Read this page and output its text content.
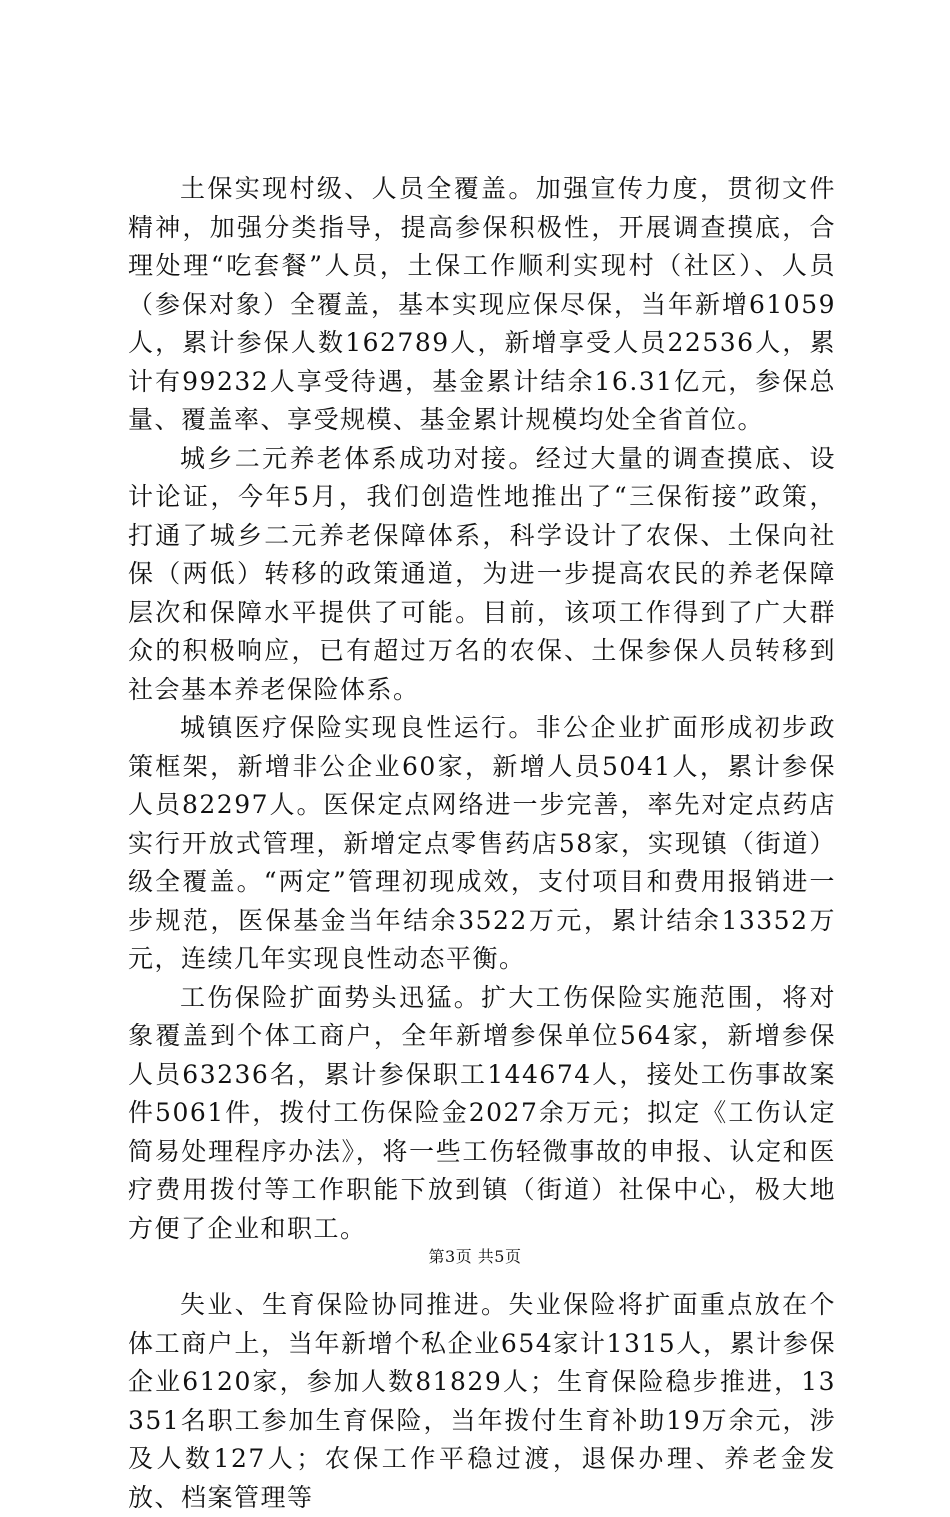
土保实现村级、人员全覆盖。加强宣传力度，贯彻文件精神，加强分类指导，提高参保积极性，开展调查摸底，合理处理“吃套餐”人员，土保工作顺利实现村（社区）、人员（参保对象）全覆盖，基本实现应保尽保，当年新增61059人，累计参保人数162789人，新增享受人员22536人，累计有99232人享受待遇，基金累计结余16.31亿元，参保总量、覆盖率、享受规模、基金累计规模均处全省首位。

城乡二元养老体系成功对接。经过大量的调查摸底、设计论证，今年5月，我们创造性地推出了“三保衔接”政策，打通了城乡二元养老保障体系，科学设计了农保、土保向社保（两低）转移的政策通道，为进一步提高农民的养老保障层次和保障水平提供了可能。目前，该项工作得到了广大群众的积极响应，已有超过万名的农保、土保参保人员转移到社会基本养老保险体系。

城镇医疗保险实现良性运行。非公企业扩面形成初步政策框架，新增非公企业60家，新增人员5041人，累计参保人员82297人。医保定点网络进一步完善，率先对定点药店实行开放式管理，新增定点零售药店58家，实现镇（街道）级全覆盖。“两定”管理初现成效，支付项目和费用报销进一步规范，医保基金当年结余3522万元，累计结余13352万元，连续几年实现良性动态平衡。

工伤保险扩面势头迅猛。扩大工伤保险实施范围，将对象覆盖到个体工商户，全年新增参保单位564家，新增参保人员63236名，累计参保职工144674人，接处工伤事故案件5061件，拨付工伤保险金2027余万元；拟定《工伤认定简易处理程序办法》，将一些工伤轻微事故的申报、认定和医疗费用拨付等工作职能下放到镇（街道）社保中心，极大地方便了企业和职工。

失业、生育保险协同推进。失业保险将扩面重点放在个体工商户上，当年新增个私企业654家计1315人，累计参保企业6120家，参加人数81829人；生育保险稳步推进，13351名职工参加生育保险，当年拨付生育补助19万余元，涉及人数127人；农保工作平稳过渡，退保办理、养老金发放、档案管理等

第3页 共5页
